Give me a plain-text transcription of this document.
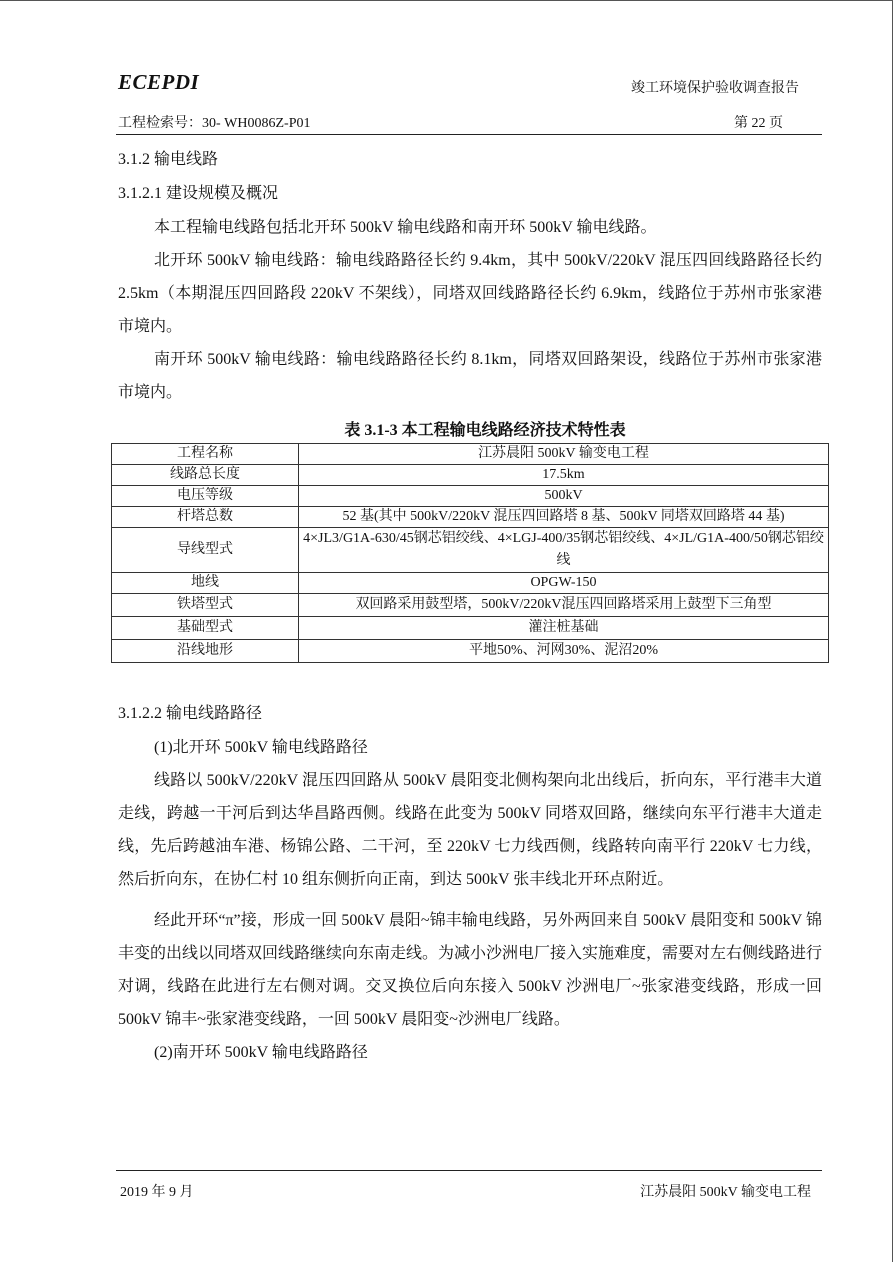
ECEPDI	竣工环境保护验收调查报告
工程检索号：30- WH0086Z-P01	第 22 页

3.1.2 输电线路

3.1.2.1 建设规模及概况

本工程输电线路包括北开环 500kV 输电线路和南开环 500kV 输电线路。

北开环 500kV 输电线路：输电线路路径长约 9.4km，其中 500kV/220kV 混压四回线路路径长约 2.5km（本期混压四回路段 220kV 不架线），同塔双回线路路径长约 6.9km，线路位于苏州市张家港市境内。

南开环 500kV 输电线路：输电线路路径长约 8.1km，同塔双回路架设，线路位于苏州市张家港市境内。

表 3.1-3 本工程输电线路经济技术特性表

工程名称	江苏晨阳 500kV 输变电工程
线路总长度	17.5km
电压等级	500kV
杆塔总数	52 基(其中 500kV/220kV 混压四回路塔 8 基、500kV 同塔双回路塔 44 基)
导线型式	4×JL3/G1A-630/45钢芯铝绞线、4×LGJ-400/35钢芯铝绞线、4×JL/G1A-400/50钢芯铝绞线
地线	OPGW-150
铁塔型式	双回路采用鼓型塔，500kV/220kV混压四回路塔采用上鼓型下三角型
基础型式	灌注桩基础
沿线地形	平地50%、河网30%、泥沼20%

3.1.2.2 输电线路路径

(1)北开环 500kV 输电线路路径

线路以 500kV/220kV 混压四回路从 500kV 晨阳变北侧构架向北出线后，折向东，平行港丰大道走线，跨越一干河后到达华昌路西侧。线路在此变为 500kV 同塔双回路，继续向东平行港丰大道走线，先后跨越油车港、杨锦公路、二干河，至 220kV 七力线西侧，线路转向南平行 220kV 七力线，然后折向东，在协仁村 10 组东侧折向正南，到达 500kV 张丰线北开环点附近。

经此开环“π”接，形成一回 500kV 晨阳~锦丰输电线路，另外两回来自 500kV 晨阳变和 500kV 锦丰变的出线以同塔双回线路继续向东南走线。为减小沙洲电厂接入实施难度，需要对左右侧线路进行对调，线路在此进行左右侧对调。交叉换位后向东接入 500kV 沙洲电厂~张家港变线路，形成一回 500kV 锦丰~张家港变线路，一回 500kV 晨阳变~沙洲电厂线路。

(2)南开环 500kV 输电线路路径

2019 年 9 月	江苏晨阳 500kV 输变电工程
